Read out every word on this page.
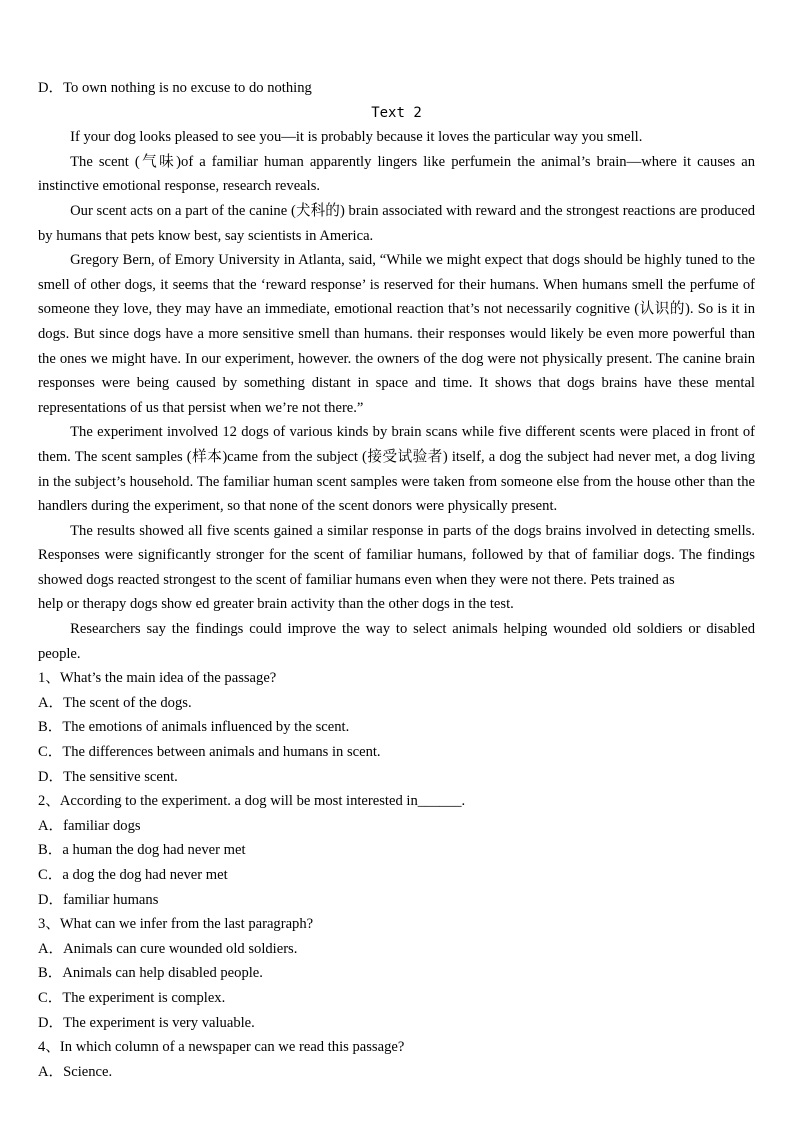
D．To own nothing is no excuse to do nothing
Text 2

If your dog looks pleased to see you—it is probably because it loves the particular way you smell.

The scent (气味)of a familiar human apparently lingers like perfumein the animal’s brain—where it causes an instinctive emotional response, research reveals.

Our scent acts on a part of the canine (犬科的) brain associated with reward and the strongest reactions are produced by humans that pets know best, say scientists in America.

Gregory Bern, of Emory University in Atlanta, said, “While we might expect that dogs should be highly tuned to the smell of other dogs, it seems that the ‘reward response’ is reserved for their humans. When humans smell the perfume of someone they love, they may have an immediate, emotional reaction that’s not necessarily cognitive (认识的). So is it in dogs. But since dogs have a more sensitive smell than humans. their responses would likely be even more powerful than the ones we might have. In our experiment, however. the owners of the dog were not physically present. The canine brain responses were being caused by something distant in space and time. It shows that dogs brains have these mental representations of us that persist when we’re not there.”

The experiment involved 12 dogs of various kinds by brain scans while five different scents were placed in front of them. The scent samples (样本)came from the subject (接受试验者) itself, a dog the subject had never met, a dog living in the subject’s household. The familiar human scent samples were taken from someone else from the house other than the handlers during the experiment, so that none of the scent donors were physically present.

The results showed all five scents gained a similar response in parts of the dogs brains involved in detecting smells. Responses were significantly stronger for the scent of familiar humans, followed by that of familiar dogs. The findings showed dogs reacted strongest to the scent of familiar humans even when they were not there. Pets trained as

help or therapy dogs show ed greater brain activity than the other dogs in the test.

Researchers say the findings could improve the way to select animals helping wounded old soldiers or disabled people.

1、What’s the main idea of the passage?
A．The scent of the dogs.
B．The emotions of animals influenced by the scent.
C．The differences between animals and humans in scent.
D．The sensitive scent.
2、According to the experiment. a dog will be most interested in______.
A．familiar dogs
B．a human the dog had never met
C．a dog the dog had never met
D．familiar humans
3、What can we infer from the last paragraph?
A．Animals can cure wounded old soldiers.
B．Animals can help disabled people.
C．The experiment is complex.
D．The experiment is very valuable.
4、In which column of a newspaper can we read this passage?
A．Science.
